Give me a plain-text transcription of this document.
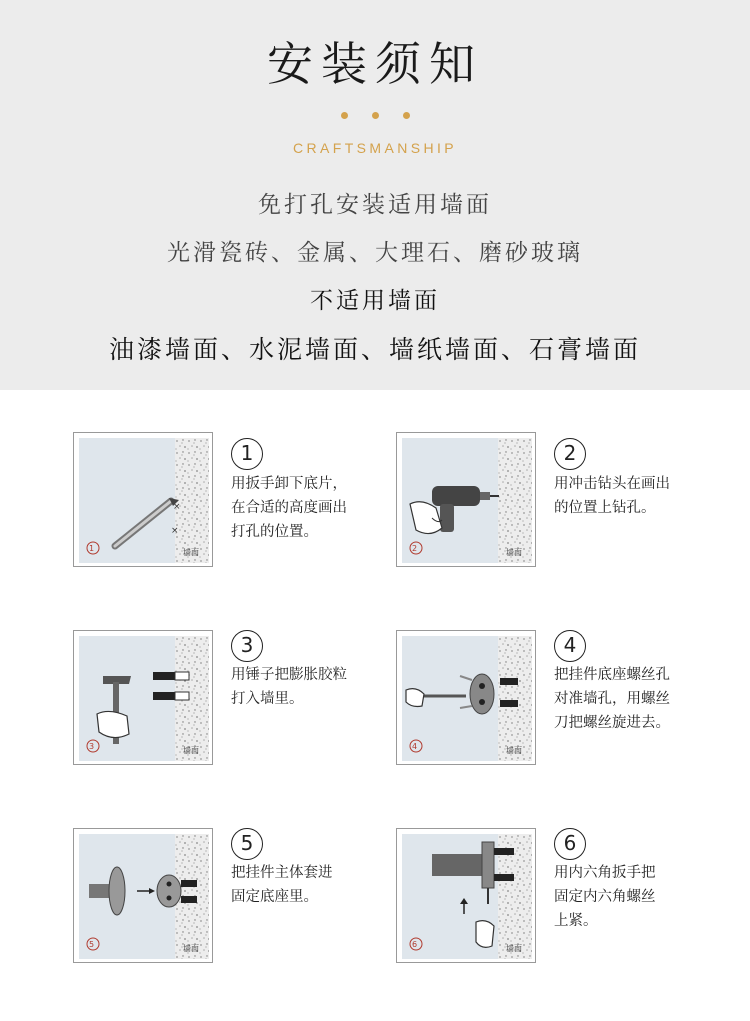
安装须知
CRAFTSMANSHIP
免打孔安装适用墙面
光滑瓷砖、金属、大理石、磨砂玻璃
不适用墙面
油漆墙面、水泥墙面、墙纸墙面、石膏墙面
×
×
墙面
1
1
用扳手卸下底片，
在合适的高度画出
打孔的位置。
墙面
2
2
用冲击钻头在画出
的位置上钻孔。
墙面
3
3
用锤子把膨胀胶粒
打入墙里。
墙面
4
4
把挂件底座螺丝孔
对准墙孔，用螺丝
刀把螺丝旋进去。
墙面
5
5
把挂件主体套进
固定底座里。
墙面
6
6
用内六角扳手把
固定内六角螺丝
上紧。
